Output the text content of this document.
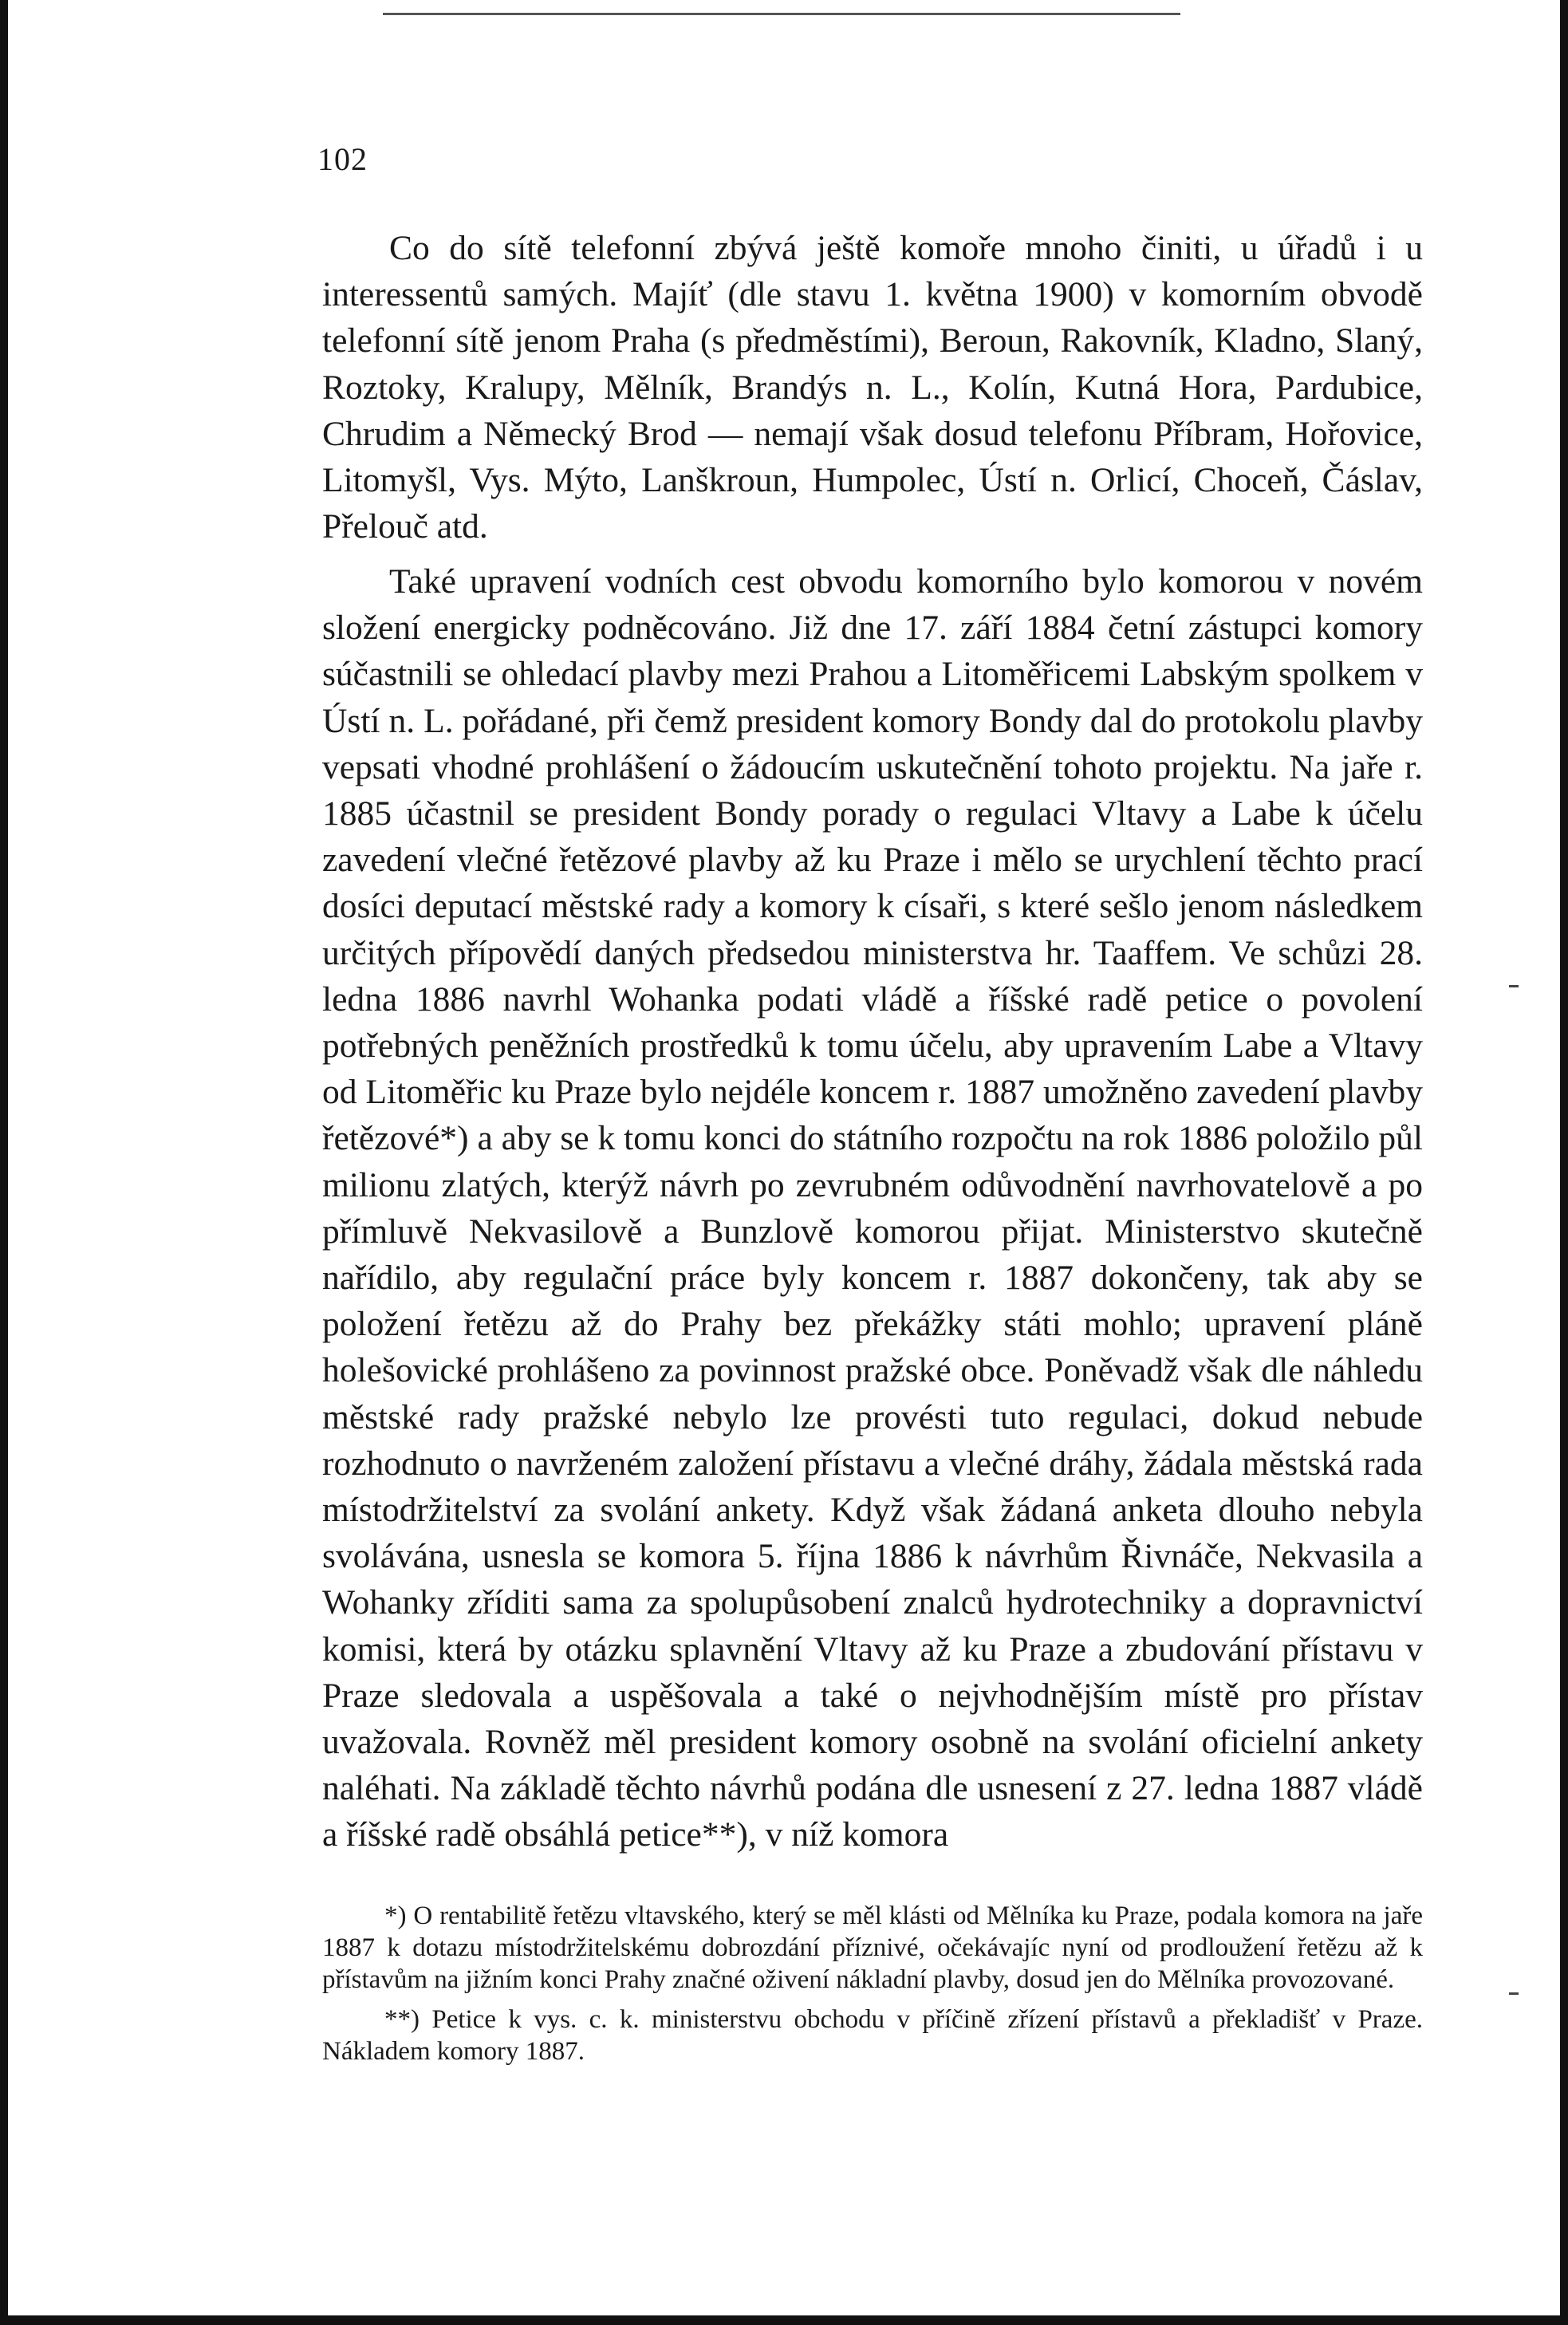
102

Co do sítě telefonní zbývá ještě komoře mnoho činiti, u úřadů i u interessentů samých. Majíť (dle stavu 1. května 1900) v komorním obvodě telefonní sítě jenom Praha (s předměstími), Beroun, Rakovník, Kladno, Slaný, Roztoky, Kralupy, Mělník, Brandýs n. L., Kolín, Kutná Hora, Pardubice, Chrudim a Německý Brod — nemají však dosud telefonu Příbram, Hořovice, Litomyšl, Vys. Mýto, Lanškroun, Humpolec, Ústí n. Orlicí, Choceň, Čáslav, Přelouč atd.

Také upravení vodních cest obvodu komorního bylo komorou v novém složení energicky podněcováno. Již dne 17. září 1884 četní zástupci komory súčastnili se ohledací plavby mezi Prahou a Litoměřicemi Labským spolkem v Ústí n. L. pořádané, při čemž president komory Bondy dal do protokolu plavby vepsati vhodné prohlášení o žádoucím uskutečnění tohoto projektu. Na jaře r. 1885 účastnil se president Bondy porady o regulaci Vltavy a Labe k účelu zavedení vlečné řetězové plavby až ku Praze i mělo se urychlení těchto prací dosíci deputací městské rady a komory k císaři, s které sešlo jenom následkem určitých přípovědí daných předsedou ministerstva hr. Taaffem. Ve schůzi 28. ledna 1886 navrhl Wohanka podati vládě a říšské radě petice o povolení potřebných peněžních prostředků k tomu účelu, aby upravením Labe a Vltavy od Litoměřic ku Praze bylo nejdéle koncem r. 1887 umožněno zavedení plavby řetězové*) a aby se k tomu konci do státního rozpočtu na rok 1886 položilo půl milionu zlatých, kterýž návrh po zevrubném odůvodnění navrhovatelově a po přímluvě Nekvasilově a Bunzlově komorou přijat. Ministerstvo skutečně nařídilo, aby regulační práce byly koncem r. 1887 dokončeny, tak aby se položení řetězu až do Prahy bez překážky státi mohlo; upravení pláně holešovické prohlášeno za povinnost pražské obce. Poněvadž však dle náhledu městské rady pražské nebylo lze provésti tuto regulaci, dokud nebude rozhodnuto o navrženém založení přístavu a vlečné dráhy, žádala městská rada místodržitelství za svolání ankety. Když však žádaná anketa dlouho nebyla svolávána, usnesla se komora 5. října 1886 k návrhům Řivnáče, Nekvasila a Wohanky zříditi sama za spolupůsobení znalců hydrotechniky a dopravnictví komisi, která by otázku splavnění Vltavy až ku Praze a zbudování přístavu v Praze sledovala a uspěšovala a také o nejvhodnějším místě pro přístav uvažovala. Rovněž měl president komory osobně na svolání oficielní ankety naléhati. Na základě těchto návrhů podána dle usnesení z 27. ledna 1887 vládě a říšské radě obsáhlá petice**), v níž komora

*) O rentabilitě řetězu vltavského, který se měl klásti od Mělníka ku Praze, podala komora na jaře 1887 k dotazu místodržitelskému dobrozdání příznivé, očekávajíc nyní od prodloužení řetězu až k přístavům na jižním konci Prahy značné oživení nákladní plavby, dosud jen do Mělníka provozované.

**) Petice k vys. c. k. ministerstvu obchodu v příčině zřízení přístavů a překladišť v Praze. Nákladem komory 1887.
